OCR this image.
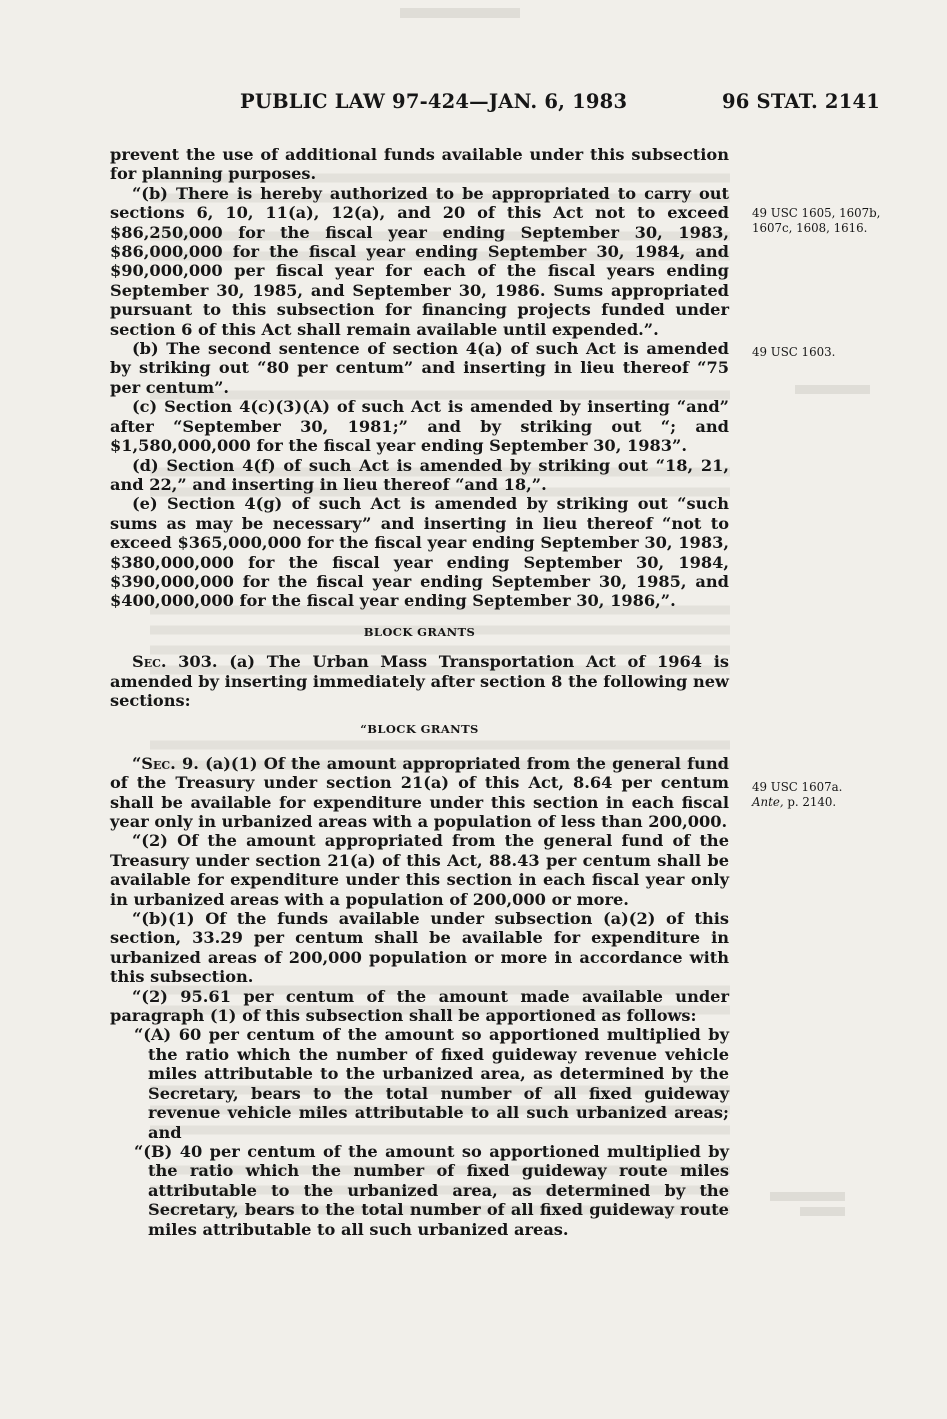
PUBLIC LAW 97-424—JAN. 6, 1983	96 STAT. 2141

prevent the use of additional funds available under this subsection for planning purposes.

“(b) There is hereby authorized to be appropriated to carry out sections 6, 10, 11(a), 12(a), and 20 of this Act not to exceed $86,250,000 for the fiscal year ending September 30, 1983, $86,000,000 for the fiscal year ending September 30, 1984, and $90,000,000 per fiscal year for each of the fiscal years ending September 30, 1985, and September 30, 1986. Sums appropriated pursuant to this subsection for financing projects funded under section 6 of this Act shall remain available until expended.”.

(b) The second sentence of section 4(a) of such Act is amended by striking out “80 per centum” and inserting in lieu thereof “75 per centum”.

(c) Section 4(c)(3)(A) of such Act is amended by inserting “and” after “September 30, 1981;” and by striking out “; and $1,580,000,000 for the fiscal year ending September 30, 1983”.

(d) Section 4(f) of such Act is amended by striking out “18, 21, and 22,” and inserting in lieu thereof “and 18,”.

(e) Section 4(g) of such Act is amended by striking out “such sums as may be necessary” and inserting in lieu thereof “not to exceed $365,000,000 for the fiscal year ending September 30, 1983, $380,000,000 for the fiscal year ending September 30, 1984, $390,000,000 for the fiscal year ending September 30, 1985, and $400,000,000 for the fiscal year ending September 30, 1986,”.

BLOCK GRANTS

Sec. 303. (a) The Urban Mass Transportation Act of 1964 is amended by inserting immediately after section 8 the following new sections:

“BLOCK GRANTS

“Sec. 9. (a)(1) Of the amount appropriated from the general fund of the Treasury under section 21(a) of this Act, 8.64 per centum shall be available for expenditure under this section in each fiscal year only in urbanized areas with a population of less than 200,000.

“(2) Of the amount appropriated from the general fund of the Treasury under section 21(a) of this Act, 88.43 per centum shall be available for expenditure under this section in each fiscal year only in urbanized areas with a population of 200,000 or more.

“(b)(1) Of the funds available under subsection (a)(2) of this section, 33.29 per centum shall be available for expenditure in urbanized areas of 200,000 population or more in accordance with this subsection.

“(2) 95.61 per centum of the amount made available under paragraph (1) of this subsection shall be apportioned as follows:

“(A) 60 per centum of the amount so apportioned multiplied by the ratio which the number of fixed guideway revenue vehicle miles attributable to the urbanized area, as determined by the Secretary, bears to the total number of all fixed guideway revenue vehicle miles attributable to all such urbanized areas; and

“(B) 40 per centum of the amount so apportioned multiplied by the ratio which the number of fixed guideway route miles attributable to the urbanized area, as determined by the Secretary, bears to the total number of all fixed guideway route miles attributable to all such urbanized areas.

49 USC 1605, 1607b, 1607c, 1608, 1616.
49 USC 1603.
49 USC 1607a.
Ante, p. 2140.
